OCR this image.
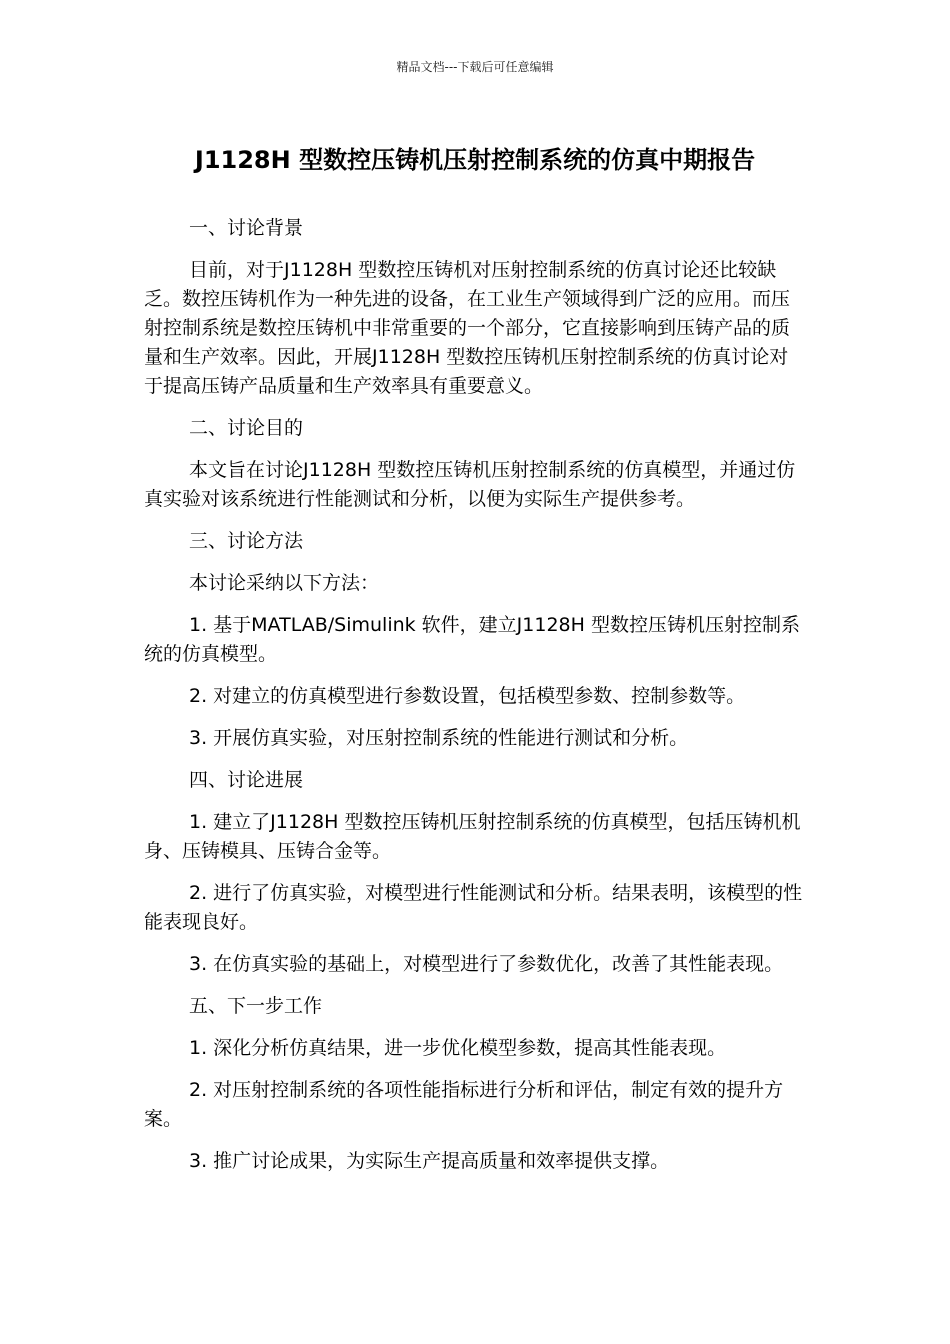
精品文档---下载后可任意编辑
J1128H 型数控压铸机压射控制系统的仿真中期报告

一、讨论背景

目前，对于J1128H 型数控压铸机对压射控制系统的仿真讨论还比较缺乏。数控压铸机作为一种先进的设备，在工业生产领域得到广泛的应用。而压射控制系统是数控压铸机中非常重要的一个部分，它直接影响到压铸产品的质量和生产效率。因此，开展J1128H 型数控压铸机压射控制系统的仿真讨论对于提高压铸产品质量和生产效率具有重要意义。

二、讨论目的

本文旨在讨论J1128H 型数控压铸机压射控制系统的仿真模型，并通过仿真实验对该系统进行性能测试和分析，以便为实际生产提供参考。

三、讨论方法

本讨论采纳以下方法：

1. 基于MATLAB/Simulink 软件，建立J1128H 型数控压铸机压射控制系统的仿真模型。

2. 对建立的仿真模型进行参数设置，包括模型参数、控制参数等。

3. 开展仿真实验，对压射控制系统的性能进行测试和分析。

四、讨论进展

1. 建立了J1128H 型数控压铸机压射控制系统的仿真模型，包括压铸机机身、压铸模具、压铸合金等。

2. 进行了仿真实验，对模型进行性能测试和分析。结果表明，该模型的性能表现良好。

3. 在仿真实验的基础上，对模型进行了参数优化，改善了其性能表现。

五、下一步工作

1. 深化分析仿真结果，进一步优化模型参数，提高其性能表现。

2. 对压射控制系统的各项性能指标进行分析和评估，制定有效的提升方案。

3. 推广讨论成果，为实际生产提高质量和效率提供支撑。
